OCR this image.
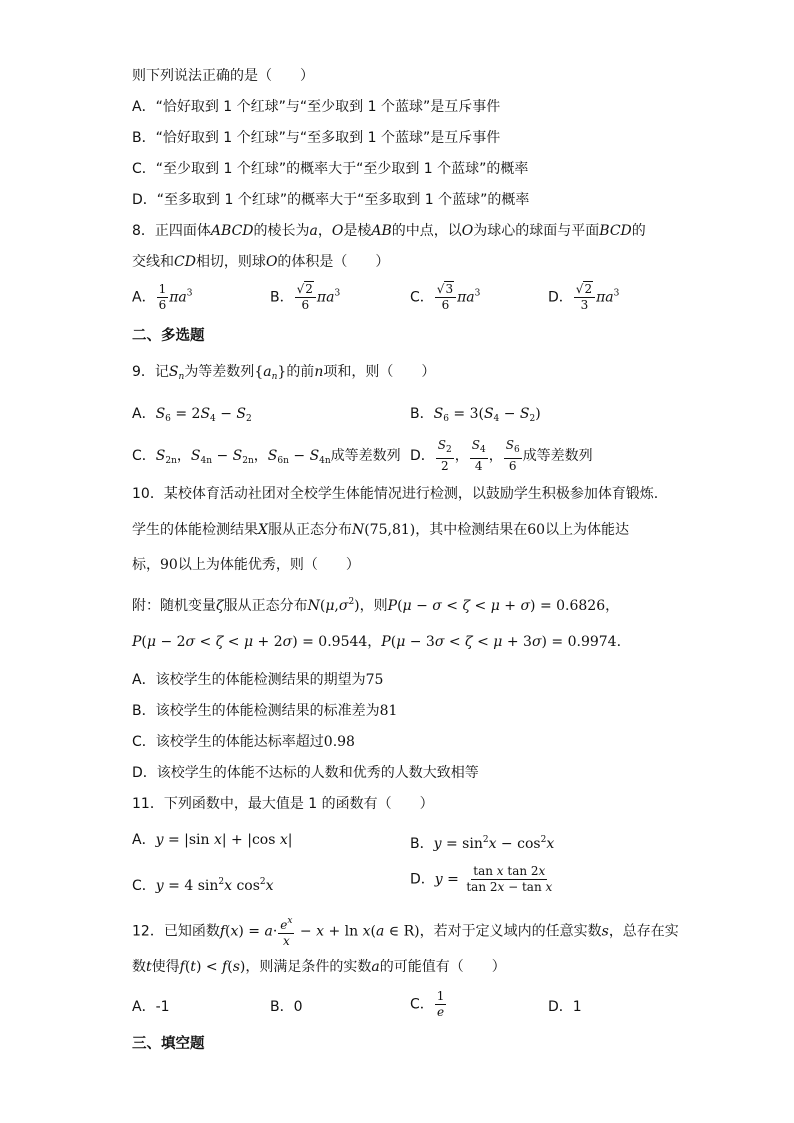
则下列说法正确的是（　　）
A．“恰好取到 1 个红球”与“至少取到 1 个蓝球”是互斥事件
B．“恰好取到 1 个红球”与“至多取到 1 个蓝球”是互斥事件
C．“至少取到 1 个红球”的概率大于“至少取到 1 个蓝球”的概率
D．“至多取到 1 个红球”的概率大于“至多取到 1 个蓝球”的概率
8．正四面体ABCD的棱长为a，O是棱AB的中点，以O为球心的球面与平面BCD的
交线和CD相切，则球O的体积是（　　）
A． $\frac{1}{6} \pi a^3$	B． $\frac{√2}{6} \pi a^3$	C． $\frac{√3}{6} \pi a^3$	D． $\frac{√2}{3} \pi a^3$
二、多选题
9．记$S_n$为等差数列$\{a_n\}$的前n项和，则（　　）
A．$S_6 = 2S_4 - S_2$	B．$S_6 = 3(S_4 - S_2)$
C．$S_{2n}$，$S_{4n} - S_{2n}$，$S_{6n} - S_{4n}$成等差数列 D． $\frac{S_2}{2}$ ， $\frac{S_4}{4}$ ， $\frac{S_6}{6}$ 成等差数列
10．某校体育活动社团对全校学生体能情况进行检测，以鼓励学生积极参加体育锻炼.
学生的体能检测结果X服从正态分布N(75,81)，其中检测结果在60以上为体能达
标，90以上为体能优秀，则（　　）
附：随机变量ζ服从正态分布$N(\mu,\sigma^2)$，则P(μ − σ < ζ < μ + σ) = 0.6826，
P(μ − 2σ < ζ < μ + 2σ) = 0.9544，P(μ − 3σ < ζ < μ + 3σ) = 0.9974.
A．该校学生的体能检测结果的期望为75
B．该校学生的体能检测结果的标准差为81
C．该校学生的体能达标率超过0.98
D．该校学生的体能不达标的人数和优秀的人数大致相等
11．下列函数中，最大值是 1 的函数有（　　）
A．y = |sin x| + |cos x|	B．$y = \sin^2x - \cos^2x$
C．y = 4 $\sin^2x$ $\cos^2x$	D．$y = \frac{\text{tan x tan 2x}}{\text{tan 2x − tan x}}$
12．已知函数$f(x) = a\cdot \frac{e^x}{x} - x + \ln x(a$ ∈ R)，若对于定义域内的任意实数s，总存在实
数t使得f(t) < f(s)，则满足条件的实数a的可能值有（　　）
A．-1	B．0	C． $\frac{1}{e}$	D．1
三、填空题
